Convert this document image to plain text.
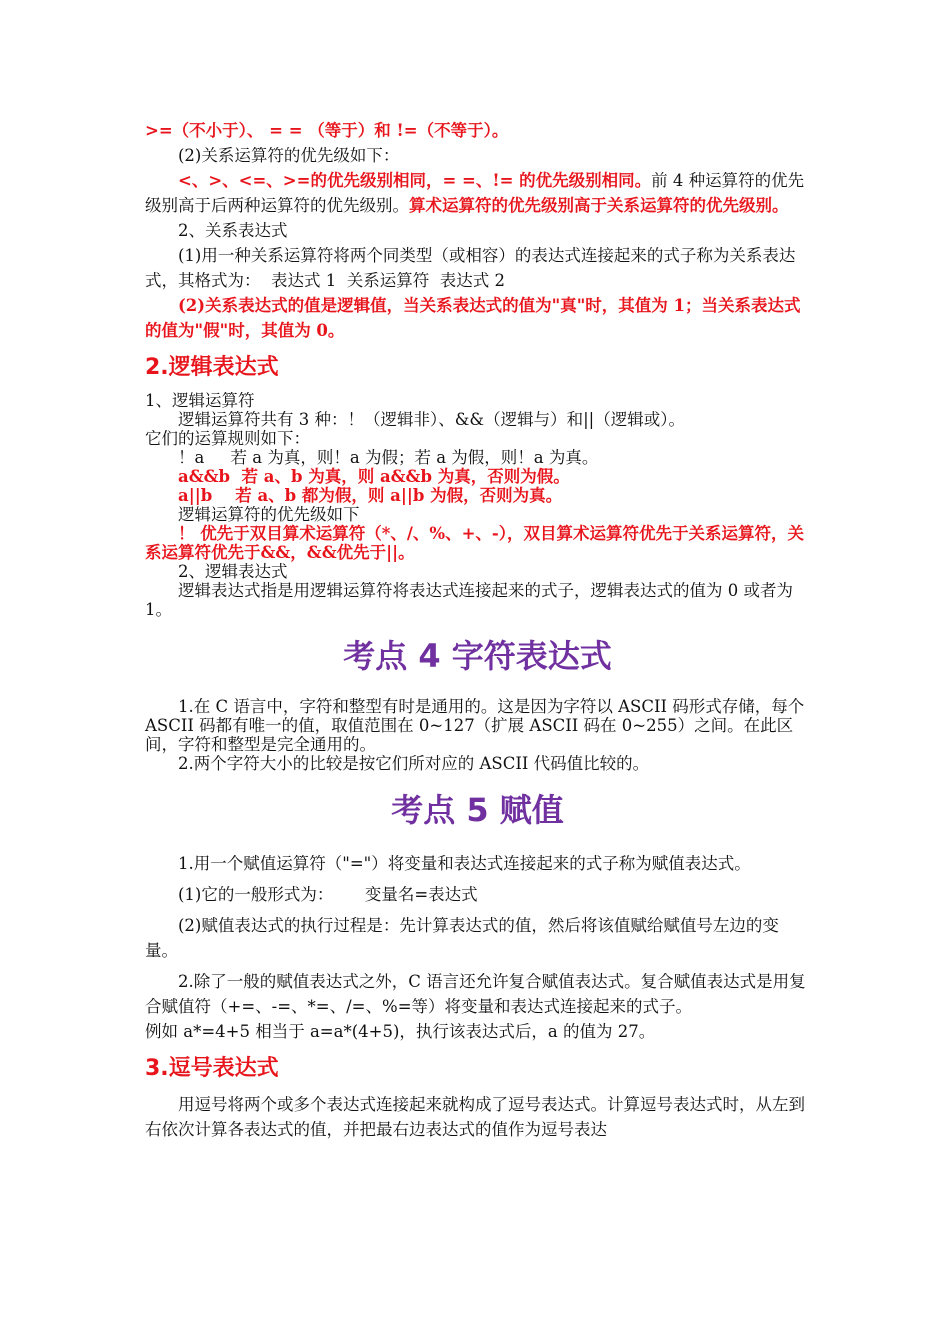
>=（不小于）、 = = （等于）和 !=（不等于）。

(2)关系运算符的优先级如下：

<、>、<=、>=的优先级别相同，= =、!= 的优先级别相同。前 4 种运算符的优先级别高于后两种运算符的优先级别。算术运算符的优先级别高于关系运算符的优先级别。

2、关系表达式

(1)用一种关系运算符将两个同类型（或相容）的表达式连接起来的式子称为关系表达式，其格式为：  表达式 1  关系运算符  表达式 2

(2)关系表达式的值是逻辑值，当关系表达式的值为"真"时，其值为 1；当关系表达式的值为"假"时，其值为 0。

2.逻辑表达式

1、逻辑运算符

逻辑运算符共有 3 种：！（逻辑非）、&&（逻辑与）和||（逻辑或）。

它们的运算规则如下：

！a     若 a 为真，则！a 为假；若 a 为假，则！a 为真。

a&&b  若 a、b 为真，则 a&&b 为真，否则为假。

a||b    若 a、b 都为假，则 a||b 为假，否则为真。

逻辑运算符的优先级如下

！ 优先于双目算术运算符（*、/、%、+、-），双目算术运算符优先于关系运算符，关系运算符优先于&&，&&优先于||。

2、逻辑表达式

逻辑表达式指是用逻辑运算符将表达式连接起来的式子，逻辑表达式的值为 0 或者为 1。

考点 4 字符表达式

1.在 C 语言中，字符和整型有时是通用的。这是因为字符以 ASCII 码形式存储，每个 ASCII 码都有唯一的值，取值范围在 0~127（扩展 ASCII 码在 0~255）之间。在此区间，字符和整型是完全通用的。

2.两个字符大小的比较是按它们所对应的 ASCII 代码值比较的。

考点 5 赋值

1.用一个赋值运算符（"="）将变量和表达式连接起来的式子称为赋值表达式。

(1)它的一般形式为：      变量名=表达式

(2)赋值表达式的执行过程是：先计算表达式的值，然后将该值赋给赋值号左边的变量。

2.除了一般的赋值表达式之外，C 语言还允许复合赋值表达式。复合赋值表达式是用复合赋值符（+=、-=、*=、/=、%=等）将变量和表达式连接起来的式子。

例如 a*=4+5 相当于 a=a*(4+5)，执行该表达式后，a 的值为 27。

3.逗号表达式

用逗号将两个或多个表达式连接起来就构成了逗号表达式。计算逗号表达式时，从左到右依次计算各表达式的值，并把最右边表达式的值作为逗号表达
